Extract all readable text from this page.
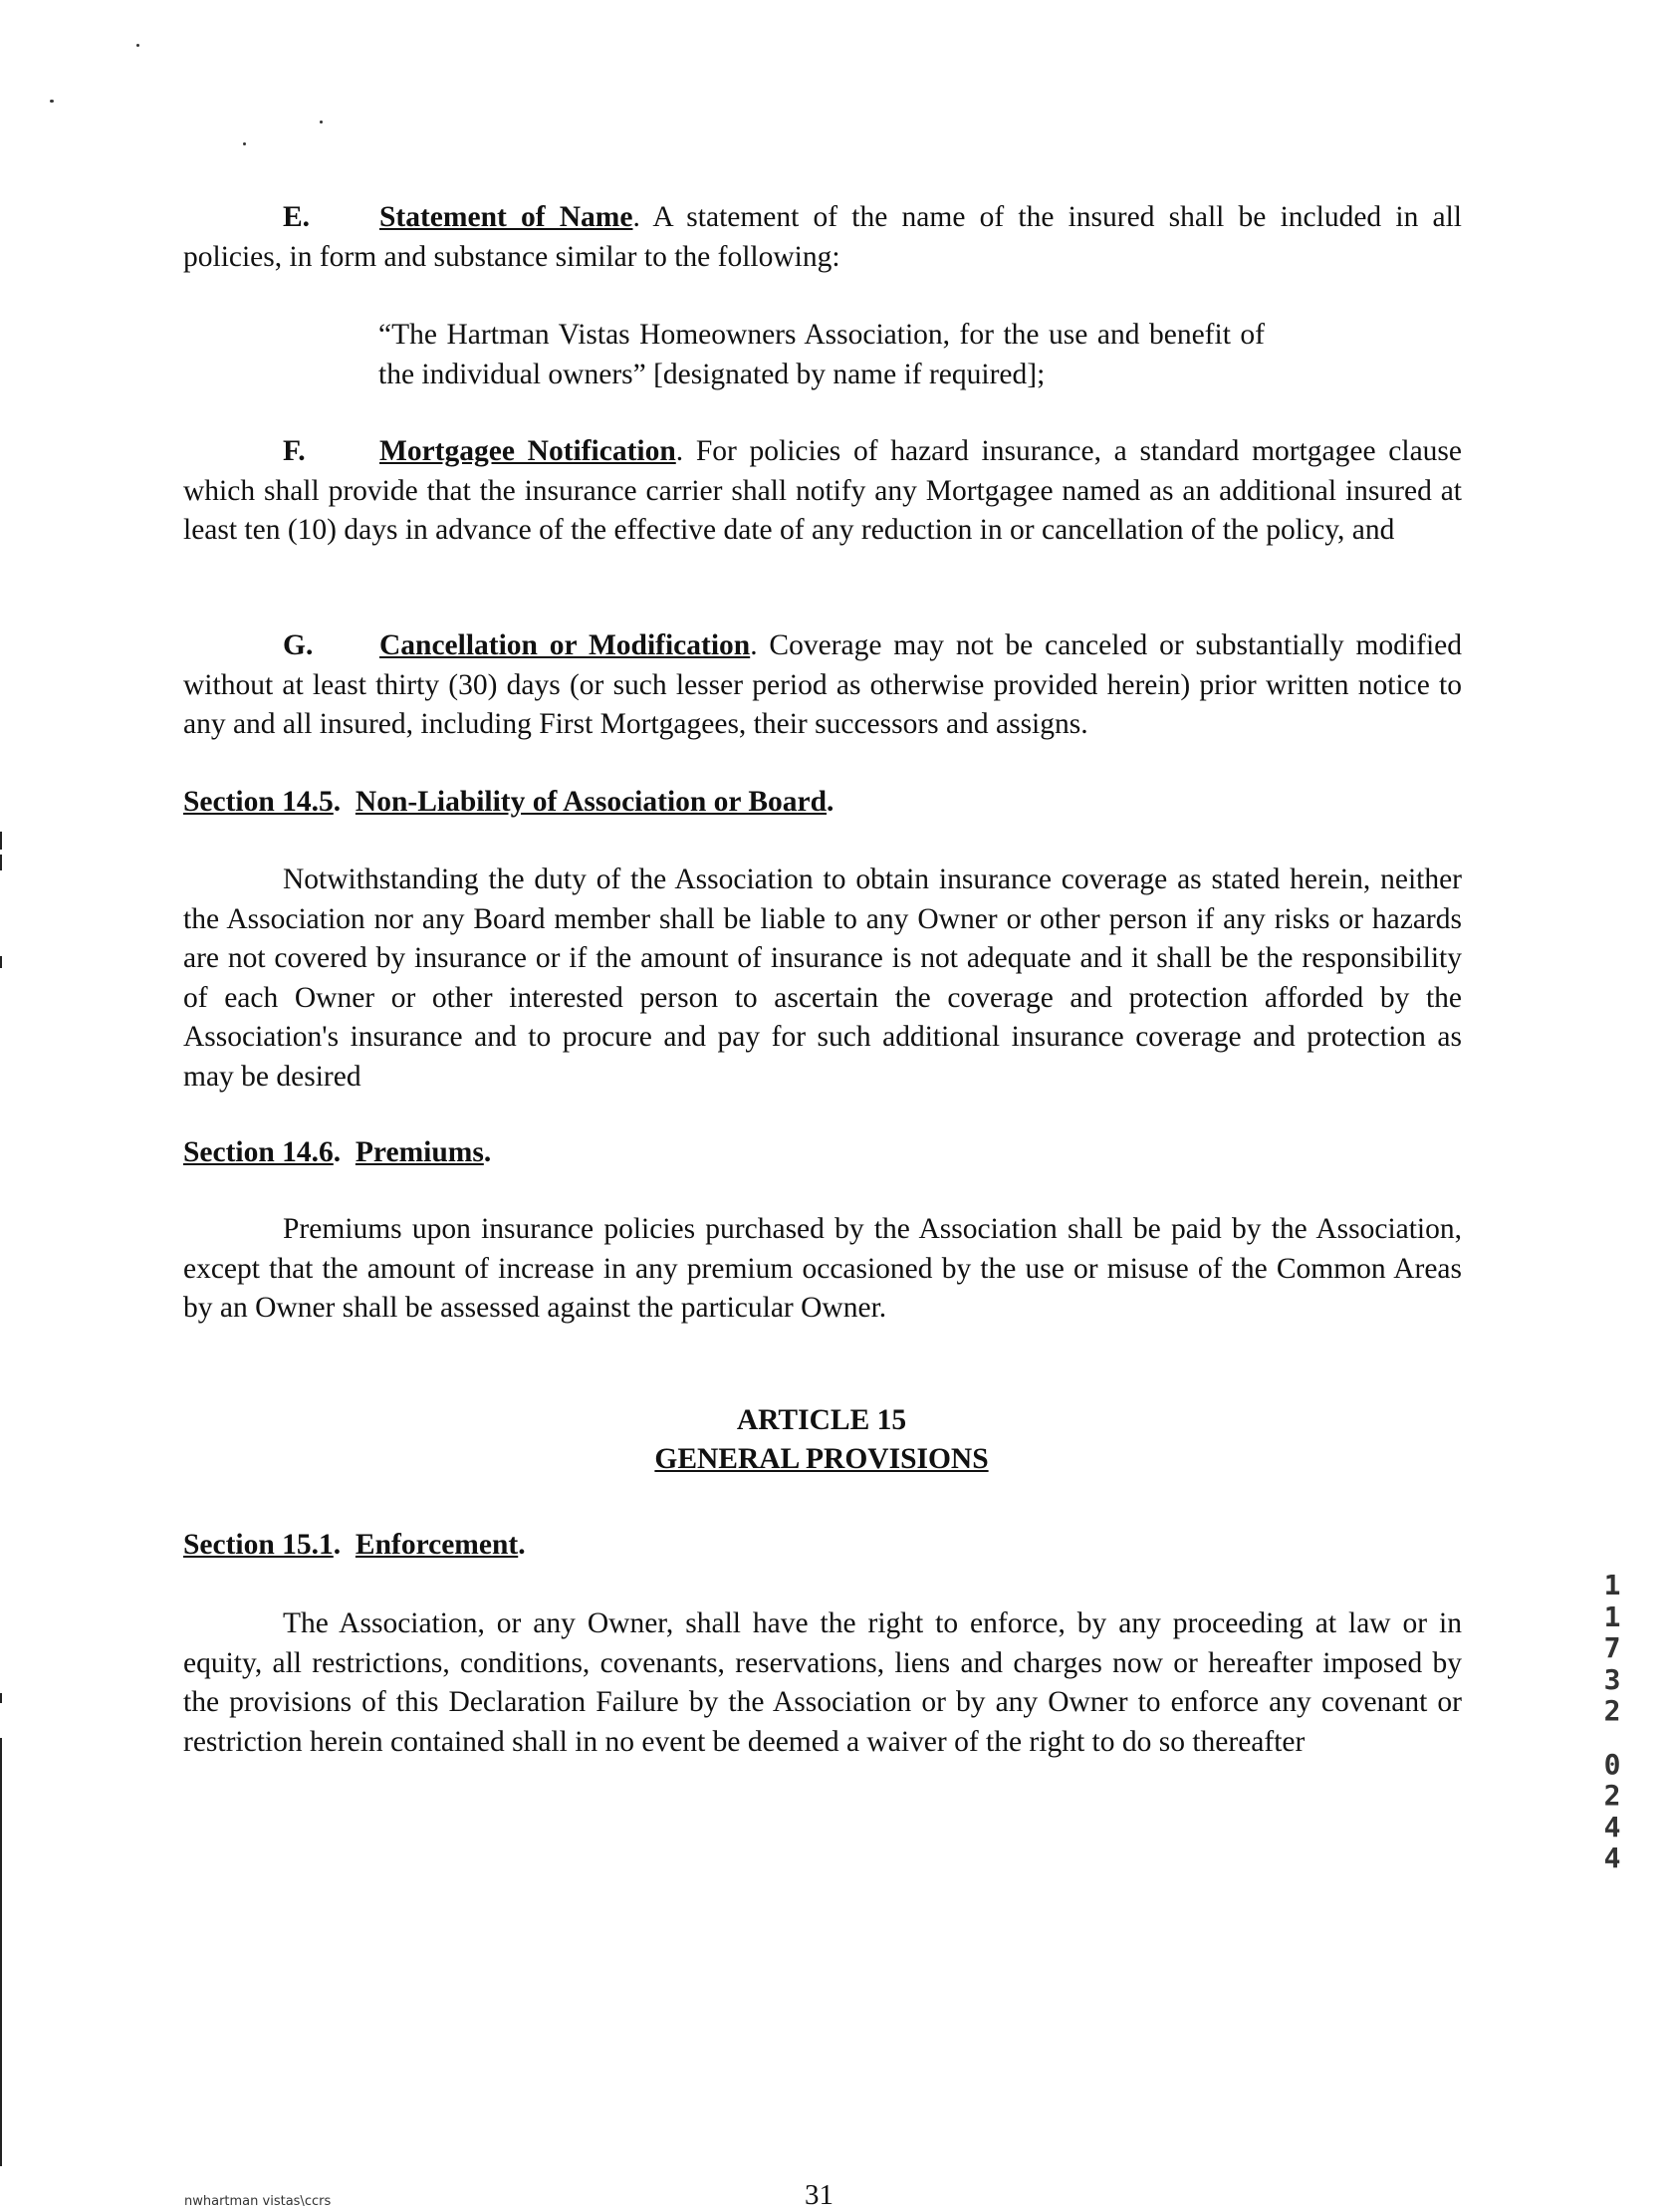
E. Statement of Name. A statement of the name of the insured shall be included in all policies, in form and substance similar to the following:
“The Hartman Vistas Homeowners Association, for the use and benefit of the individual owners” [designated by name if required];
F.	Mortgagee Notification. For policies of hazard insurance, a standard mortgagee clause which shall provide that the insurance carrier shall notify any Mortgagee named as an additional insured at least ten (10) days in advance of the effective date of any reduction in or cancellation of the policy, and
G. Cancellation or Modification. Coverage may not be canceled or substantially modified without at least thirty (30) days (or such lesser period as otherwise provided herein) prior written notice to any and all insured, including First Mortgagees, their successors and assigns.
Section 14.5.  Non-Liability of Association or Board.
Notwithstanding the duty of the Association to obtain insurance coverage as stated herein, neither the Association nor any Board member shall be liable to any Owner or other person if any risks or hazards are not covered by insurance or if the amount of insurance is not adequate and it shall be the responsibility of each Owner or other interested person to ascertain the coverage and protection afforded by the Association's insurance and to procure and pay for such additional insurance coverage and protection as may be desired
Section 14.6.  Premiums.
Premiums upon insurance policies purchased by the Association shall be paid by the Association, except that the amount of increase in any premium occasioned by the use or misuse of the Common Areas by an Owner shall be assessed against the particular Owner.
ARTICLE 15
GENERAL PROVISIONS
Section 15.1.  Enforcement.
The Association, or any Owner, shall have the right to enforce, by any proceeding at law or in equity, all restrictions, conditions, covenants, reservations, liens and charges now or hereafter imposed by the provisions of this Declaration Failure by the Association or by any Owner to enforce any covenant or restriction herein contained shall in no event be deemed a waiver of the right to do so thereafter
nwhartman vistas\ccrs	31
1
1
7
3
2
0
2
4
4
